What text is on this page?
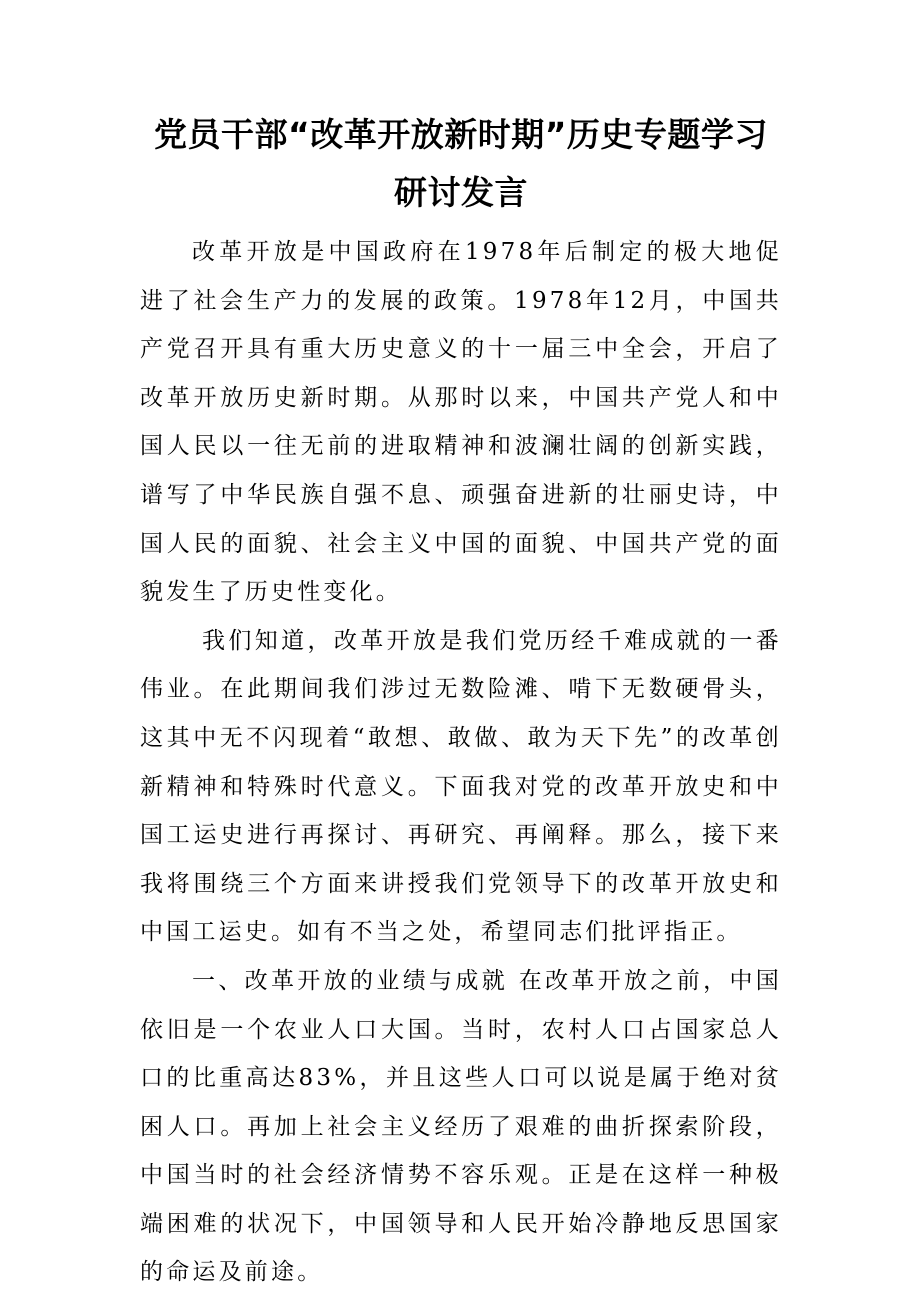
党员干部“改革开放新时期”历史专题学习研讨发言

改革开放是中国政府在1978年后制定的极大地促进了社会生产力的发展的政策。1978年12月，中国共产党召开具有重大历史意义的十一届三中全会，开启了改革开放历史新时期。从那时以来，中国共产党人和中国人民以一往无前的进取精神和波澜壮阔的创新实践，谱写了中华民族自强不息、顽强奋进新的壮丽史诗，中国人民的面貌、社会主义中国的面貌、中国共产党的面貌发生了历史性变化。

我们知道，改革开放是我们党历经千难成就的一番伟业。在此期间我们涉过无数险滩、啃下无数硬骨头，这其中无不闪现着“敢想、敢做、敢为天下先”的改革创新精神和特殊时代意义。下面我对党的改革开放史和中国工运史进行再探讨、再研究、再阐释。那么，接下来我将围绕三个方面来讲授我们党领导下的改革开放史和中国工运史。如有不当之处，希望同志们批评指正。

一、改革开放的业绩与成就 在改革开放之前，中国依旧是一个农业人口大国。当时，农村人口占国家总人口的比重高达83%，并且这些人口可以说是属于绝对贫困人口。再加上社会主义经历了艰难的曲折探索阶段，中国当时的社会经济情势不容乐观。正是在这样一种极端困难的状况下，中国领导和人民开始冷静地反思国家的命运及前途。
